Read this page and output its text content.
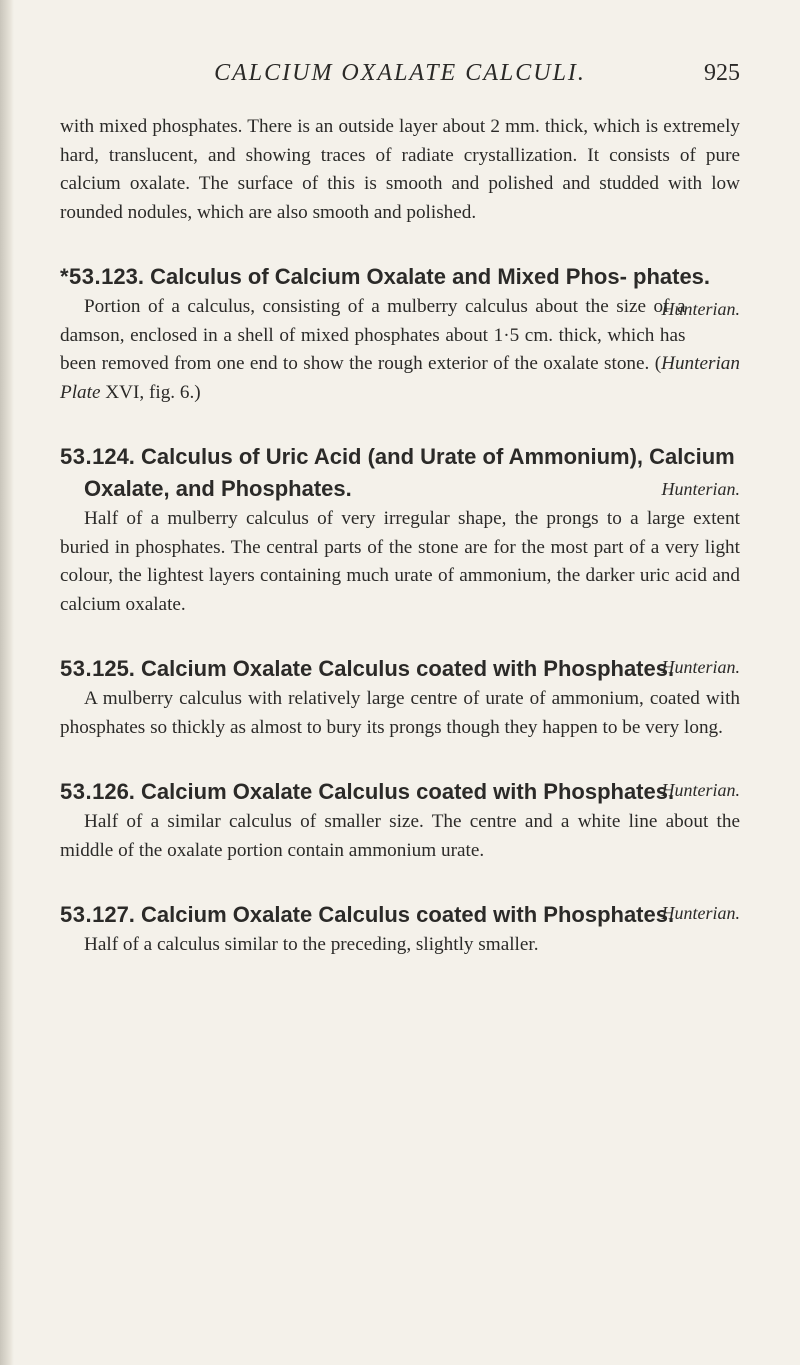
CALCIUM OXALATE CALCULI.	925

with mixed phosphates. There is an outside layer about 2 mm. thick, which is extremely hard, translucent, and showing traces of radiate crystallization. It consists of pure calcium oxalate. The surface of this is smooth and polished and studded with low rounded nodules, which are also smooth and polished.

*53.123. Calculus of Calcium Oxalate and Mixed Phos- phates.
Hunterian.

Portion of a calculus, consisting of a mulberry calculus about the size of a damson, enclosed in a shell of mixed phosphates about 1·5 cm. thick, which has been removed from one end to show the rough exterior of the oxalate stone. (Hunterian Plate XVI, fig. 6.)

53.124. Calculus of Uric Acid (and Urate of Ammonium), Calcium Oxalate, and Phosphates.	Hunterian.

Half of a mulberry calculus of very irregular shape, the prongs to a large extent buried in phosphates. The central parts of the stone are for the most part of a very light colour, the lightest layers containing much urate of ammonium, the darker uric acid and calcium oxalate.

53.125. Calcium Oxalate Calculus coated with Phosphates.
Hunterian.

A mulberry calculus with relatively large centre of urate of ammonium, coated with phosphates so thickly as almost to bury its prongs though they happen to be very long.

53.126. Calcium Oxalate Calculus coated with Phosphates.
Hunterian.

Half of a similar calculus of smaller size. The centre and a white line about the middle of the oxalate portion contain ammonium urate.

53.127. Calcium Oxalate Calculus coated with Phosphates.
Hunterian.

Half of a calculus similar to the preceding, slightly smaller.
